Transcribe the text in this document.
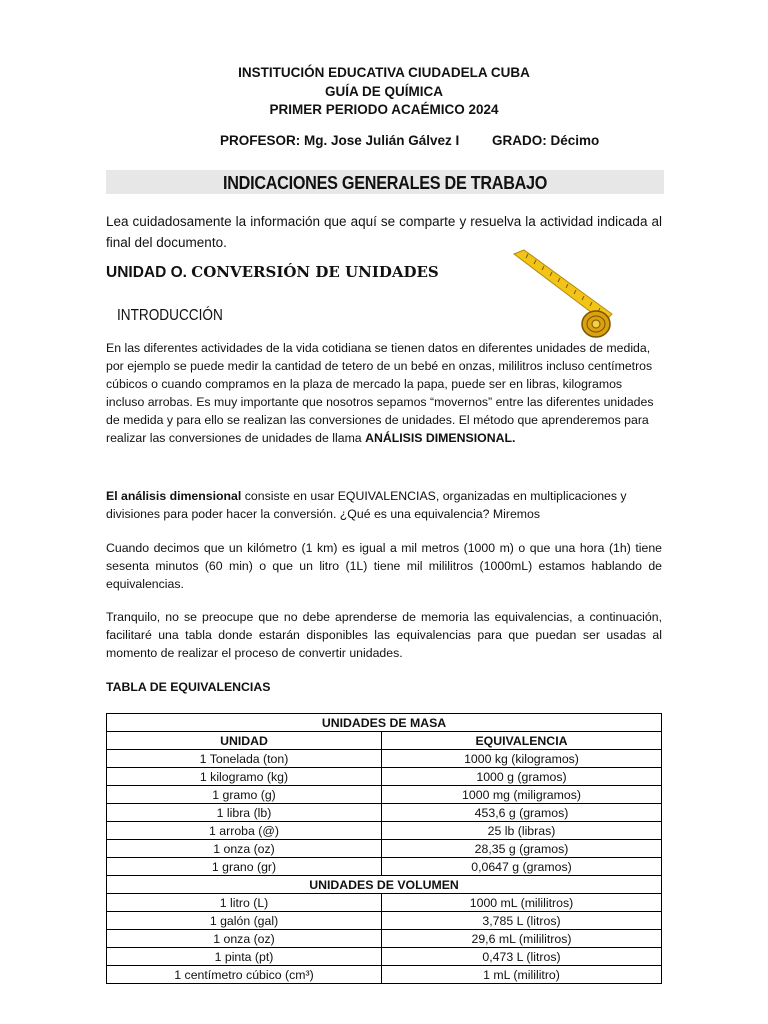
INSTITUCIÓN EDUCATIVA CIUDADELA CUBA
GUÍA DE QUÍMICA
PRIMER PERIODO ACAÉMICO 2024
PROFESOR: Mg. Jose Julián Gálvez I GRADO: Décimo
INDICACIONES GENERALES DE TRABAJO
Lea cuidadosamente la información que aquí se comparte y resuelva la actividad indicada al final del documento.
UNIDAD O. CONVERSIÓN DE UNIDADES
INTRODUCCIÓN
En las diferentes actividades de la vida cotidiana se tienen datos en diferentes unidades de medida, por ejemplo se puede medir la cantidad de tetero de un bebé en onzas, mililitros incluso centímetros cúbicos o cuando compramos en la plaza de mercado la papa, puede ser en libras, kilogramos incluso arrobas. Es muy importante que nosotros sepamos “movernos” entre las diferentes unidades de medida y para ello se realizan las conversiones de unidades. El método que aprenderemos para realizar las conversiones de unidades de llama ANÁLISIS DIMENSIONAL.
El análisis dimensional consiste en usar EQUIVALENCIAS, organizadas en multiplicaciones y divisiones para poder hacer la conversión. ¿Qué es una equivalencia? Miremos
Cuando decimos que un kilómetro (1 km) es igual a mil metros (1000 m) o que una hora (1h) tiene sesenta minutos (60 min) o que un litro (1L) tiene mil mililitros (1000mL) estamos hablando de equivalencias.
Tranquilo, no se preocupe que no debe aprenderse de memoria las equivalencias, a continuación, facilitaré una tabla donde estarán disponibles las equivalencias para que puedan ser usadas al momento de realizar el proceso de convertir unidades.
TABLA DE EQUIVALENCIAS
UNIDADES DE MASA	
UNIDAD	EQUIVALENCIA
1 Tonelada (ton)	1000 kg (kilogramos)
1 kilogramo (kg)	1000 g (gramos)
1 gramo (g)	1000 mg (miligramos)
1 libra (lb)	453,6 g (gramos)
1 arroba (@)	25 lb (libras)
1 onza (oz)	28,35 g (gramos)
1 grano (gr)	0,0647 g (gramos)
UNIDADES DE VOLUMEN	
1 litro (L)	1000 mL (mililitros)
1 galón (gal)	3,785 L (litros)
1 onza (oz)	29,6 mL (mililitros)
1 pinta (pt)	0,473 L (litros)
1 centímetro cúbico (cm³)	1 mL (mililitro)
